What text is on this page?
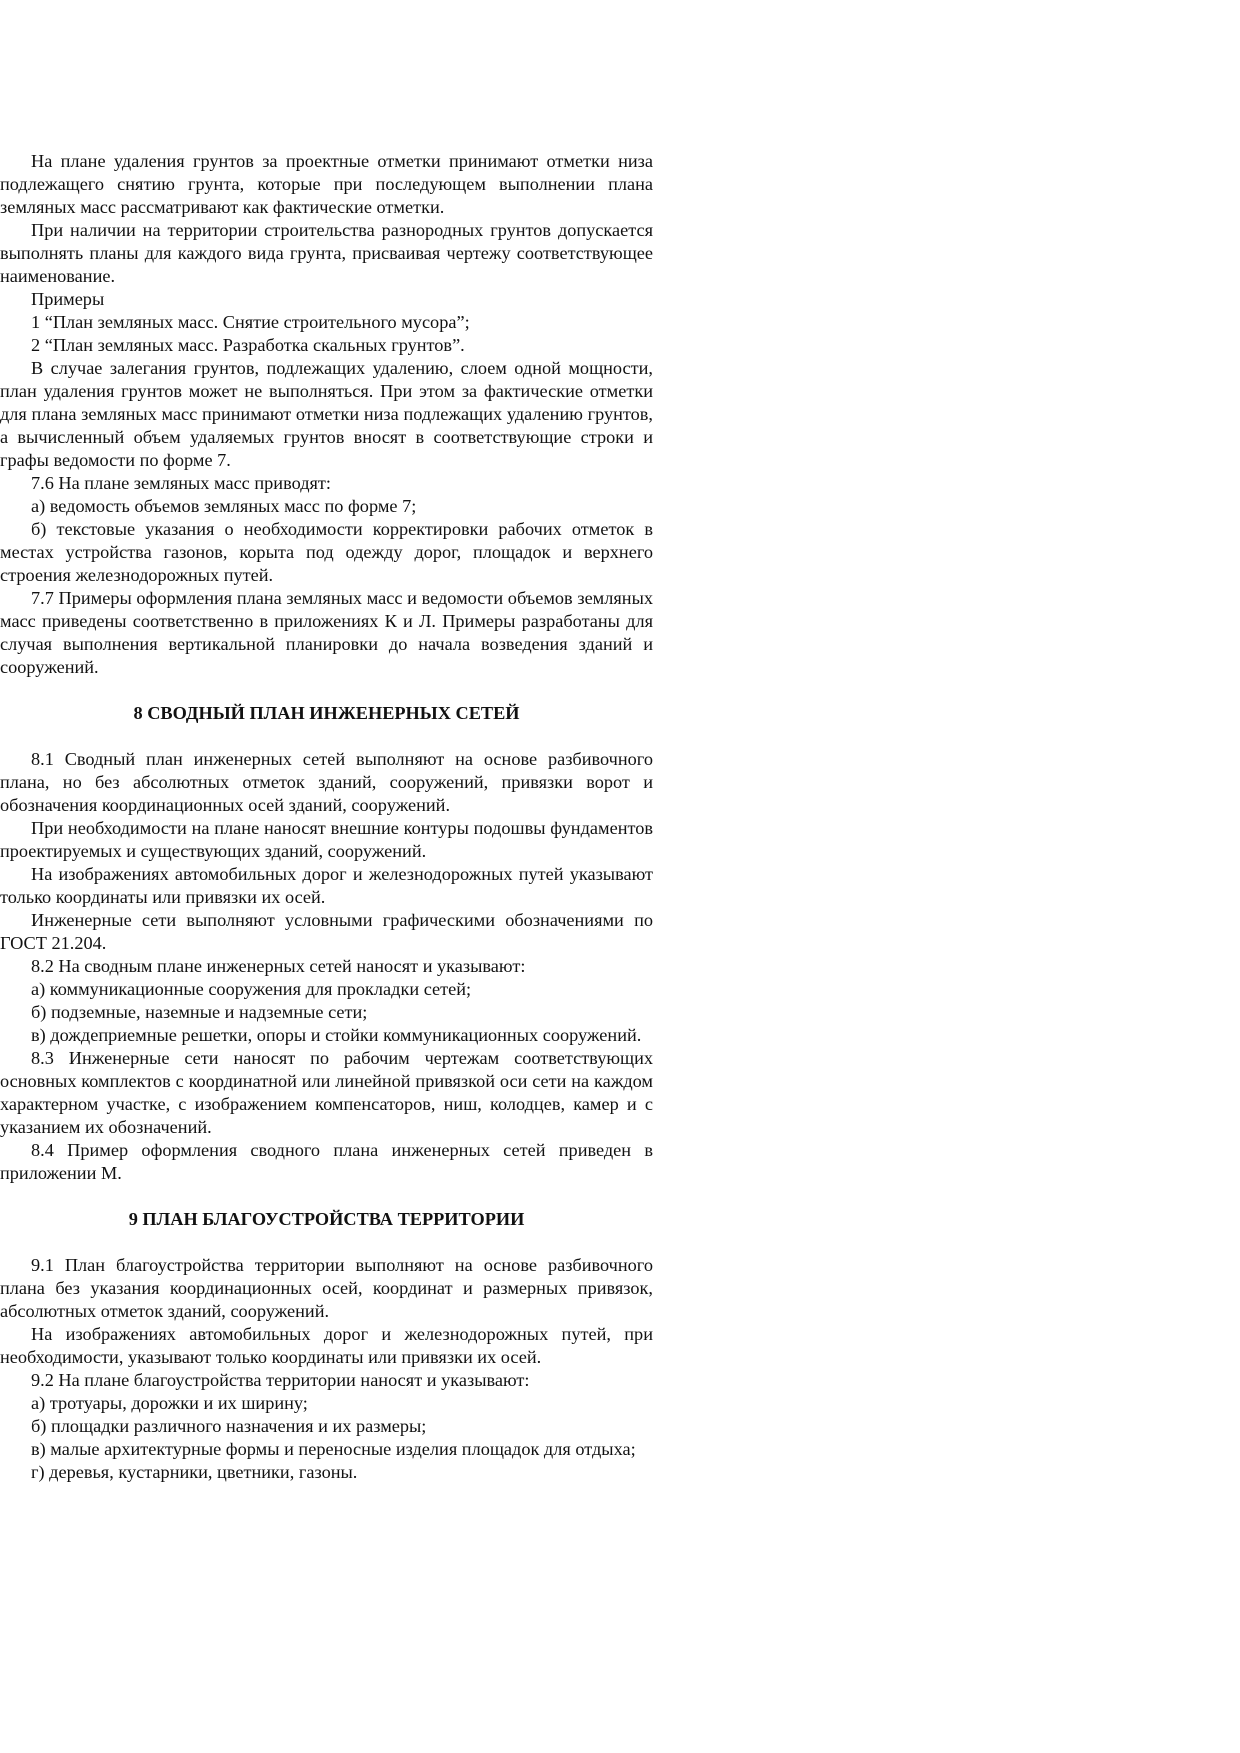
На плане удаления грунтов за проектные отметки принимают отметки низа подлежащего снятию грунта, которые при последующем выполнении плана земляных масс рассматривают как фактические отметки.

При наличии на территории строительства разнородных грунтов допускается выполнять планы для каждого вида грунта, присваивая чертежу соответствующее наименование.

Примеры

1 “План земляных масс. Снятие строительного мусора”;

2 “План земляных масс. Разработка скальных грунтов”.

В случае залегания грунтов, подлежащих удалению, слоем одной мощности, план удаления грунтов может не выполняться. При этом за фактические отметки для плана земляных масс принимают отметки низа подлежащих удалению грунтов, а вычисленный объем удаляемых грунтов вносят в соответствующие строки и графы ведомости по форме 7.

7.6 На плане земляных масс приводят:

а) ведомость объемов земляных масс по форме 7;

б) текстовые указания о необходимости корректировки рабочих отметок в местах устройства газонов, корыта под одежду дорог, площадок и верхнего строения железнодорожных путей.

7.7 Примеры оформления плана земляных масс и ведомости объемов земляных масс приведены соответственно в приложениях К и Л. Примеры разработаны для случая выполнения вертикальной планировки до начала возведения зданий и сооружений.

8 СВОДНЫЙ ПЛАН ИНЖЕНЕРНЫХ СЕТЕЙ

8.1 Сводный план инженерных сетей выполняют на основе разбивочного плана, но без абсолютных отметок зданий, сооружений, привязки ворот и обозначения координационных осей зданий, сооружений.

При необходимости на плане наносят внешние контуры подошвы фундаментов проектируемых и существующих зданий, сооружений.

На изображениях автомобильных дорог и железнодорожных путей указывают только координаты или привязки их осей.

Инженерные сети выполняют условными графическими обозначениями по ГОСТ 21.204.

8.2 На сводным плане инженерных сетей наносят и указывают:

а) коммуникационные сооружения для прокладки сетей;

б) подземные, наземные и надземные сети;

в) дождеприемные решетки, опоры и стойки коммуникационных сооружений.

8.3 Инженерные сети наносят по рабочим чертежам соответствующих основных комплектов с координатной или линейной привязкой оси сети на каждом характерном участке, с изображением компенсаторов, ниш, колодцев, камер и с указанием их обозначений.

8.4 Пример оформления сводного плана инженерных сетей приведен в приложении М.

9 ПЛАН БЛАГОУСТРОЙСТВА ТЕРРИТОРИИ

9.1 План благоустройства территории выполняют на основе разбивочного плана без указания координационных осей, координат и размерных привязок, абсолютных отметок зданий, сооружений.

На изображениях автомобильных дорог и железнодорожных путей, при необходимости, указывают только координаты или привязки их осей.

9.2 На плане благоустройства территории наносят и указывают:

а) тротуары, дорожки и их ширину;

б) площадки различного назначения и их размеры;

в) малые архитектурные формы и переносные изделия площадок для отдыха;

г) деревья, кустарники, цветники, газоны.
